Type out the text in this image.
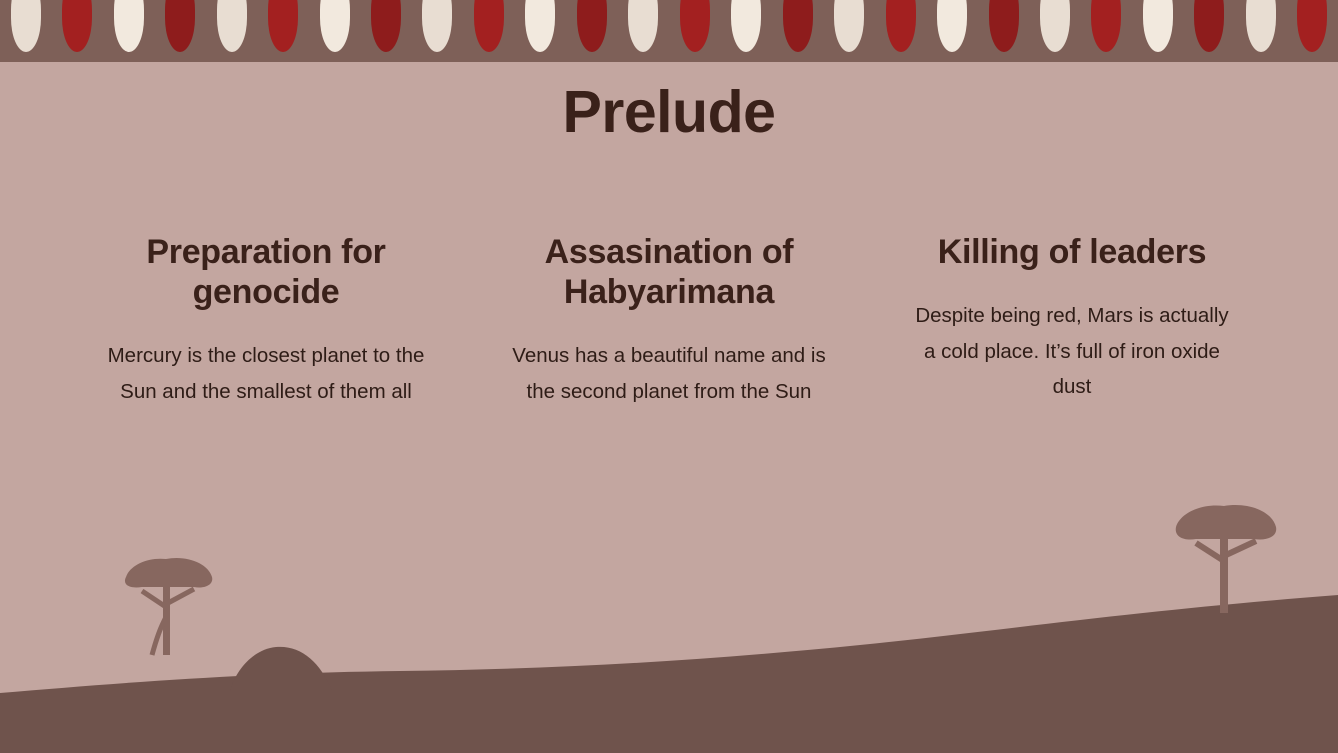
Prelude
Preparation for genocide
Mercury is the closest planet to the Sun and the smallest of them all
Assasination of Habyarimana
Venus has a beautiful name and is the second planet from the Sun
Killing of leaders
Despite being red, Mars is actually a cold place. It’s full of iron oxide dust
